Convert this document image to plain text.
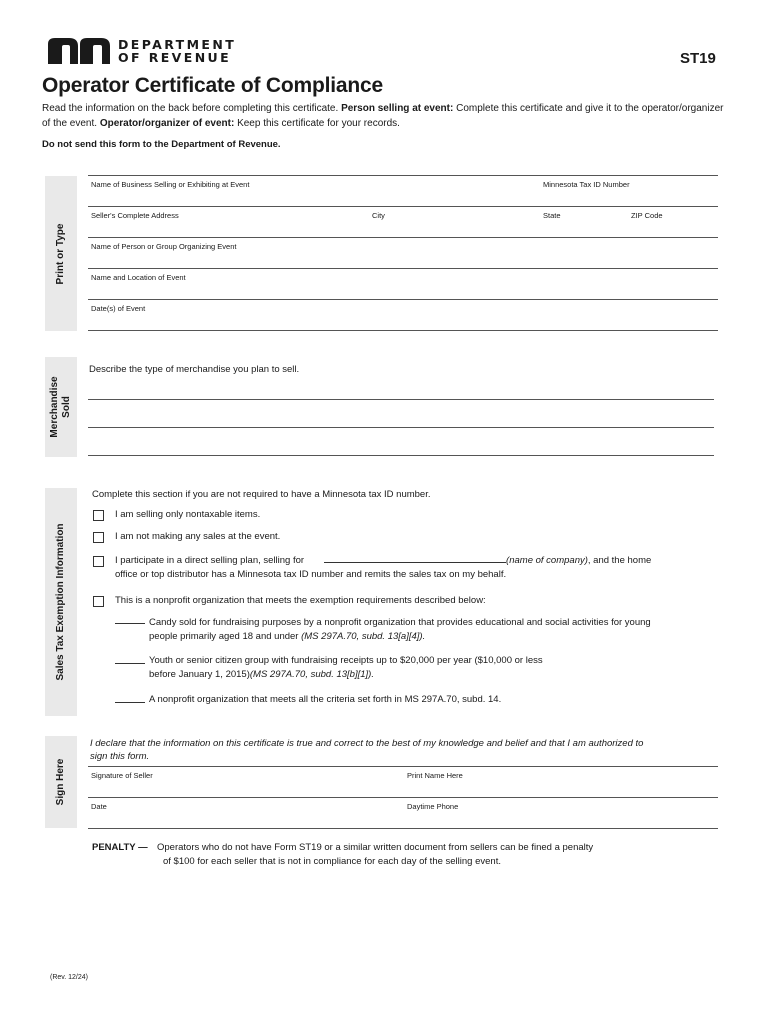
DEPARTMENT
OF REVENUE	ST19
Operator Certificate of Compliance
Read the information on the back before completing this certificate. Person selling at event: Complete this certificate and give it to the operator/organizer of the event. Operator/organizer of event: Keep this certificate for your records.
Do not send this form to the Department of Revenue.
Print or Type
Name of Business Selling or Exhibiting at Event	Minnesota Tax ID Number
Seller's Complete Address	City	State	ZIP Code
Name of Person or Group Organizing Event
Name and Location of Event
Date(s) of Event
Merchandise Sold
Describe the type of merchandise you plan to sell.
Sales Tax Exemption Information
Complete this section if you are not required to have a Minnesota tax ID number.
I am selling only nontaxable items.
I am not making any sales at the event.
I participate in a direct selling plan, selling for	(name of company), and the home
office or top distributor has a Minnesota tax ID number and remits the sales tax on my behalf.
This is a nonprofit organization that meets the exemption requirements described below:
Candy sold for fundraising purposes by a nonprofit organization that provides educational and social activities for young
people primarily aged 18 and under (MS 297A.70, subd. 13[a][4]).
Youth or senior citizen group with fundraising receipts up to $20,000 per year ($10,000 or less
before January 1, 2015)(MS 297A.70, subd. 13[b][1]).
A nonprofit organization that meets all the criteria set forth in MS 297A.70, subd. 14.
Sign Here
I declare that the information on this certificate is true and correct to the best of my knowledge and belief and that I am authorized to sign this form.
Signature of Seller	Print Name Here
Date	Daytime Phone
PENALTY — Operators who do not have Form ST19 or a similar written document from sellers can be fined a penalty
of $100 for each seller that is not in compliance for each day of the selling event.
(Rev. 12/24)
